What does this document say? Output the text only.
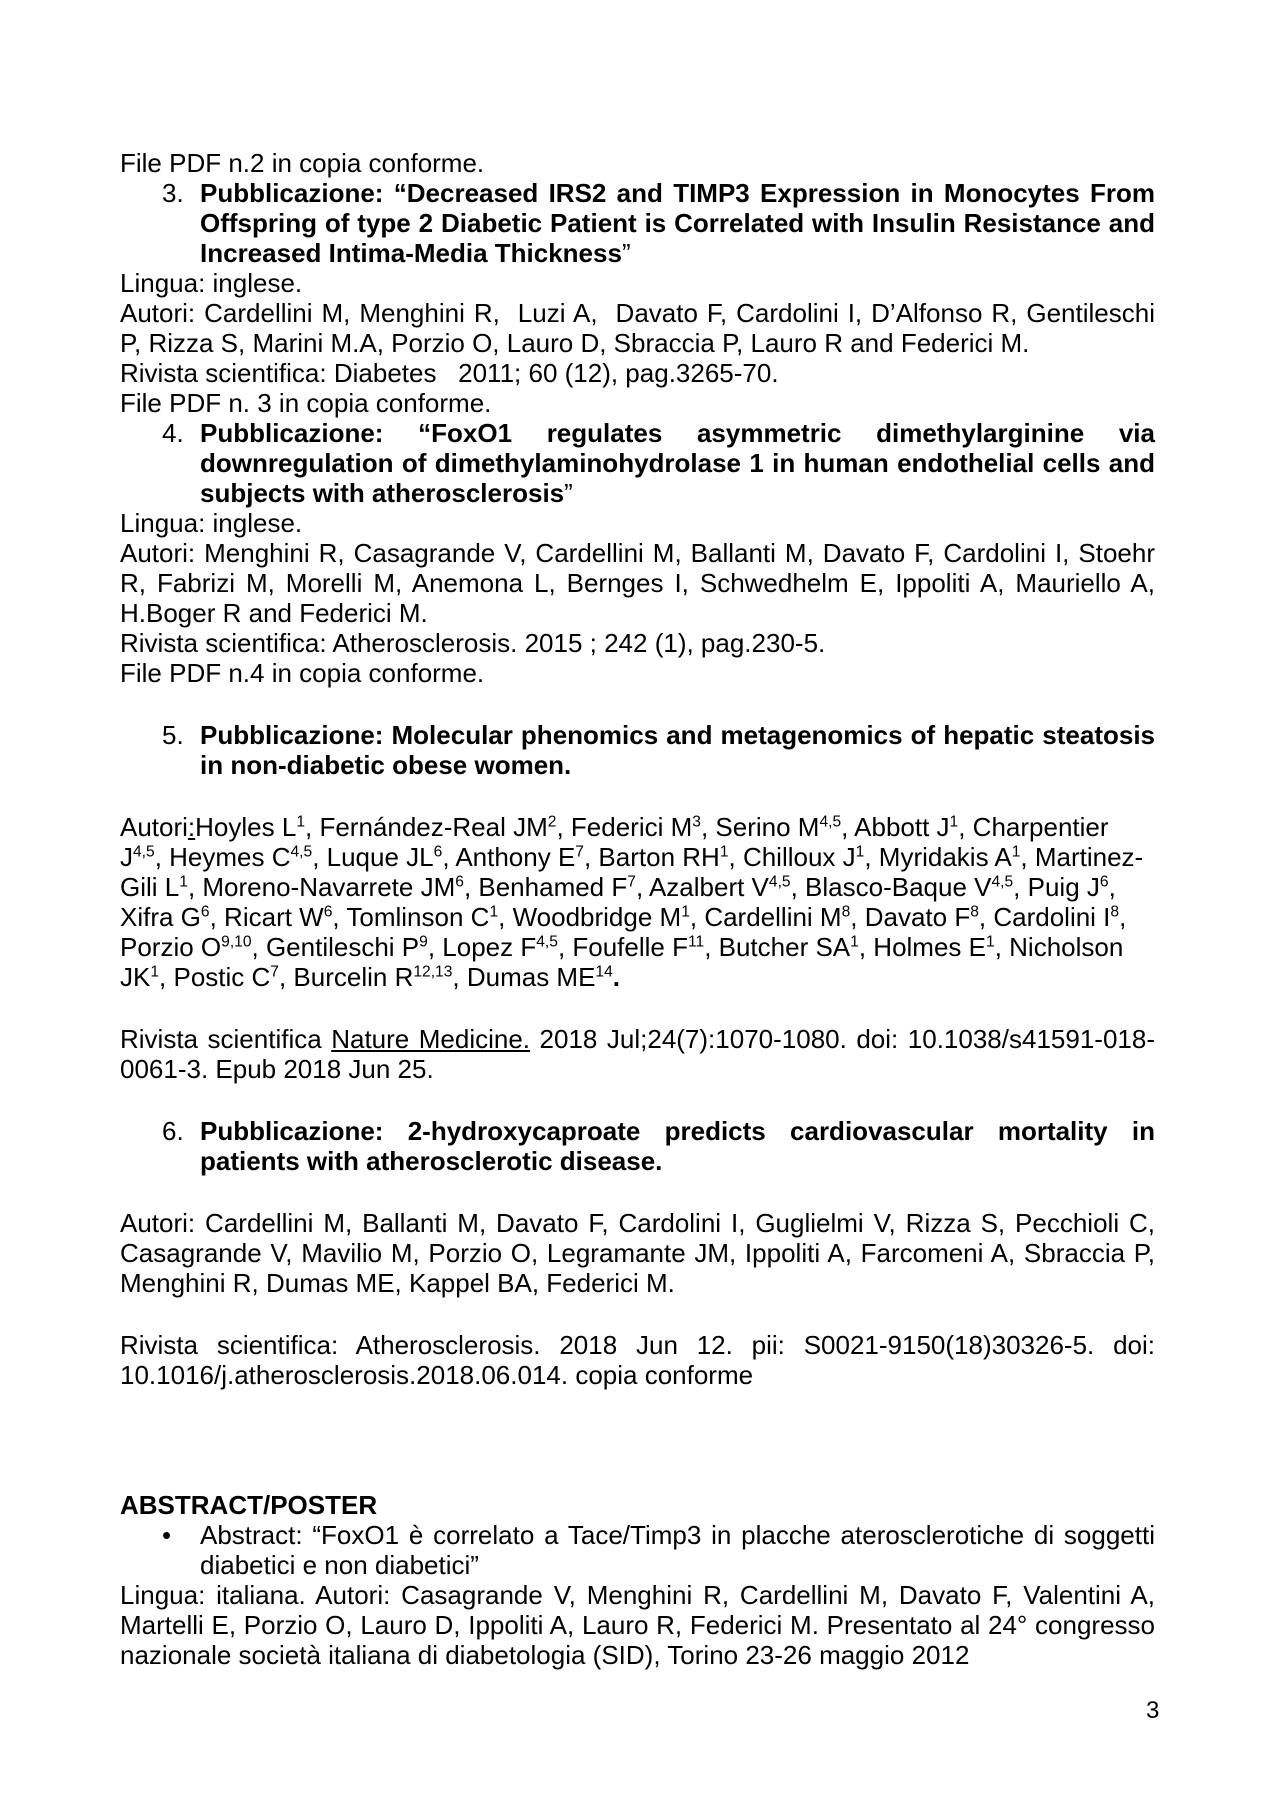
File PDF n.2 in copia conforme.

3. Pubblicazione: “Decreased IRS2 and TIMP3 Expression in Monocytes From Offspring of type 2 Diabetic Patient is Correlated with Insulin Resistance and Increased Intima-Media Thickness”

Lingua: inglese.

Autori: Cardellini M, Menghini R,  Luzi A,  Davato F, Cardolini I, D’Alfonso R, Gentileschi P, Rizza S, Marini M.A, Porzio O, Lauro D, Sbraccia P, Lauro R and Federici M.

Rivista scientifica: Diabetes   2011; 60 (12), pag.3265-70.

File PDF n. 3 in copia conforme.

4. Pubblicazione: “FoxO1 regulates asymmetric dimethylarginine via downregulation of dimethylaminohydrolase 1 in human endothelial cells and subjects with atherosclerosis”

Lingua: inglese.

Autori: Menghini R, Casagrande V, Cardellini M, Ballanti M, Davato F, Cardolini I, Stoehr R, Fabrizi M, Morelli M, Anemona L, Bernges I, Schwedhelm E, Ippoliti A, Mauriello A, H.Boger R and Federici M.

Rivista scientifica: Atherosclerosis. 2015 ; 242 (1), pag.230-5.

File PDF n.4 in copia conforme.

5. Pubblicazione: Molecular phenomics and metagenomics of hepatic steatosis in non-diabetic obese women.

Autori:Hoyles $L^1$, Fernández-Real $JM^2$, Federici $M^3$, Serino M$^{4,5}$, Abbott $J^1$, Charpentier J$^{4,5}$, Heymes C$^{4,5}$, Luque $JL^6$, Anthony $E^7$, Barton $RH^1$, Chilloux $J^1$, Myridakis $A^1$, Martinez-Gili $L^1$, Moreno-Navarrete $JM^6$, Benhamed $F^7$, Azalbert V$^{4,5}$, Blasco-Baque V$^{4,5}$, Puig $J^6$, Xifra $G^6$, Ricart $W^6$, Tomlinson $C^1$, Woodbridge $M^1$, Cardellini $M^8$, Davato $F^8$, Cardolini $I^8$, Porzio O$^{9,10}$, Gentileschi $P^9$, Lopez F$^{4,5}$, Foufelle $F^{11}$, Butcher $SA^1$, Holmes $E^1$, Nicholson $JK^1$, Postic $C^7$, Burcelin R$^{12,13}$, Dumas ME$^{14}$.

Rivista scientifica Nature Medicine. 2018 Jul;24(7):1070-1080. doi: 10.1038/s41591-018-0061-3. Epub 2018 Jun 25.

6. Pubblicazione: 2-hydroxycaproate predicts cardiovascular mortality in patients with atherosclerotic disease.

Autori: Cardellini M, Ballanti M, Davato F, Cardolini I, Guglielmi V, Rizza S, Pecchioli C, Casagrande V, Mavilio M, Porzio O, Legramante JM, Ippoliti A, Farcomeni A, Sbraccia P, Menghini R, Dumas ME, Kappel BA, Federici M.

Rivista scientifica: Atherosclerosis. 2018 Jun 12. pii: S0021-9150(18)30326-5. doi: 10.1016/j.atherosclerosis.2018.06.014. copia conforme

ABSTRACT/POSTER

•	Abstract: “FoxO1 è correlato a Tace/Timp3 in placche aterosclerotiche di soggetti diabetici e non diabetici”

Lingua: italiana. Autori: Casagrande V, Menghini R, Cardellini M, Davato F, Valentini A, Martelli E, Porzio O, Lauro D, Ippoliti A, Lauro R, Federici M. Presentato al 24° congresso nazionale società italiana di diabetologia (SID), Torino 23-26 maggio 2012

3
